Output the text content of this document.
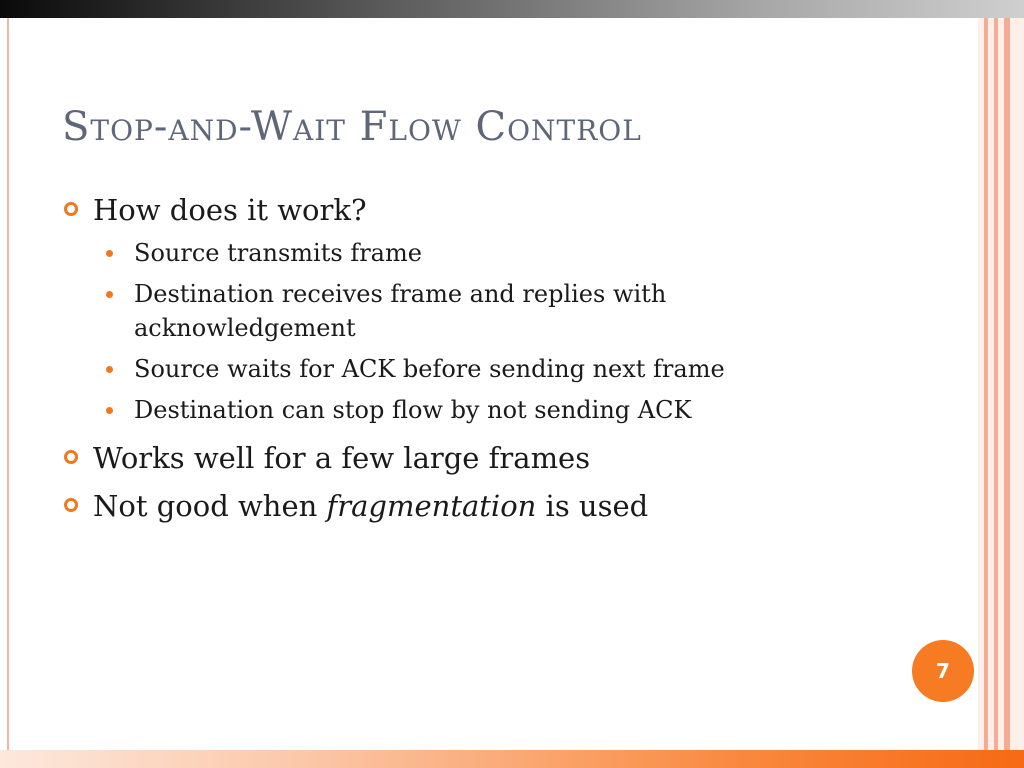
Stop-and-Wait Flow Control
How does it work?
Source transmits frame
Destination receives frame and replies with acknowledgement
Source waits for ACK before sending next frame
Destination can stop flow by not sending ACK
Works well for a few large frames
Not good when fragmentation is used
7
